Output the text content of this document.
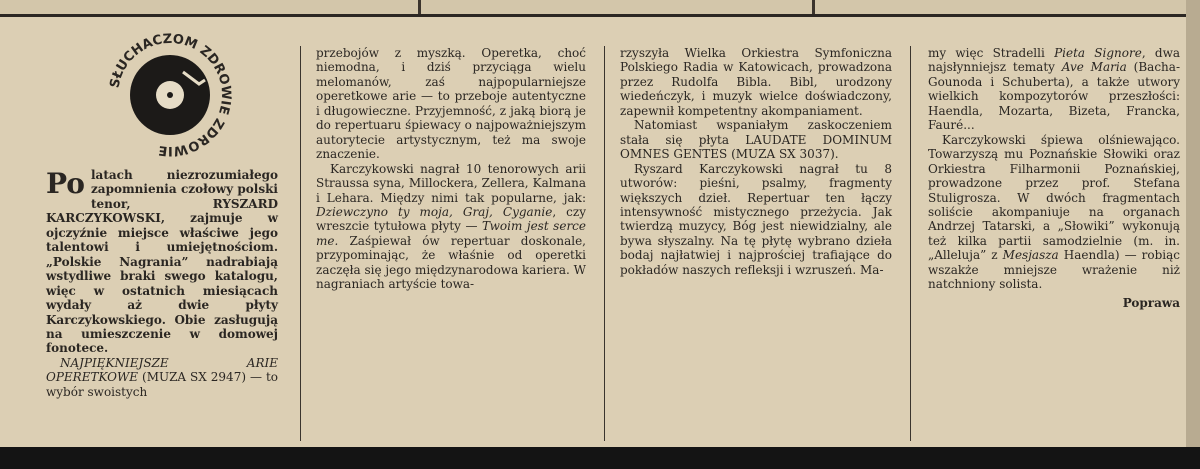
SŁUCHACZOM ZDROWIE ZDROWIE

Po latach niezrozumiałego zapomnienia czołowy polski tenor, RYSZARD KARCZYKOWSKI, zajmuje w ojczyźnie miejsce właściwe jego talentowi i umiejętnościom. „Polskie Nagrania” nadrabiają wstydliwe braki swego katalogu, więc w ostatnich miesiącach wydały aż dwie płyty Karczykowskiego. Obie zasługują na umieszczenie w domowej fonotece.

NAJPIĘKNIEJSZE ARIE OPERETKOWE (MUZA SX 2947) — to wybór swoistych

przebojów z myszką. Operetka, choć niemodna, i dziś przyciąga wielu melomanów, zaś najpopularniejsze operetkowe arie — to przeboje autentyczne i długowieczne. Przyjemność, z jaką biorą je do repertuaru śpiewacy o najpoważniejszym autorytecie artystycznym, też ma swoje znaczenie.

Karczykowski nagrał 10 tenorowych arii Straussa syna, Millockera, Zellera, Kalmana i Lehara. Między nimi tak popularne, jak: Dziewczyno ty moja, Graj, Cyganie, czy wreszcie tytułowa płyty — Twoim jest serce me. Zaśpiewał ów repertuar doskonale, przypominając, że właśnie od operetki zaczęła się jego międzynarodowa kariera. W nagraniach artyście towa-

rzyszyła Wielka Orkiestra Symfoniczna Polskiego Radia w Katowicach, prowadzona przez Rudolfa Bibla. Bibl, urodzony wiedeńczyk, i muzyk wielce doświadczony, zapewnił kompetentny akompaniament.

Natomiast wspaniałym zaskoczeniem stała się płyta LAUDATE DOMINUM OMNES GENTES (MUZA SX 3037).

Ryszard Karczykowski nagrał tu 8 utworów: pieśni, psalmy, fragmenty większych dzieł. Repertuar ten łączy intensywność mistycznego przeżycia. Jak twierdzą muzycy, Bóg jest niewidzialny, ale bywa słyszalny. Na tę płytę wybrano dzieła bodaj najłatwiej i najprościej trafiające do pokładów naszych refleksji i wzruszeń. Ma-

my więc Stradelli Pieta Signore, dwa najsłynniejsz tematy Ave Maria (Bacha-Gounoda i Schuberta), a także utwory wielkich kompozytorów przeszłości: Haendla, Mozarta, Bizeta, Francka, Fauré...

Karczykowski śpiewa olśniewająco. Towarzyszą mu Poznańskie Słowiki oraz Orkiestra Filharmonii Poznańskiej, prowadzone przez prof. Stefana Stuligrosza. W dwóch fragmentach soliście akompaniuje na organach Andrzej Tatarski, a „Słowiki” wykonują też kilka partii samodzielnie (m. in. „Alleluja” z Mesjasza Haendla) — robiąc wszakże mniejsze wrażenie niż natchniony solista.

Poprawa
